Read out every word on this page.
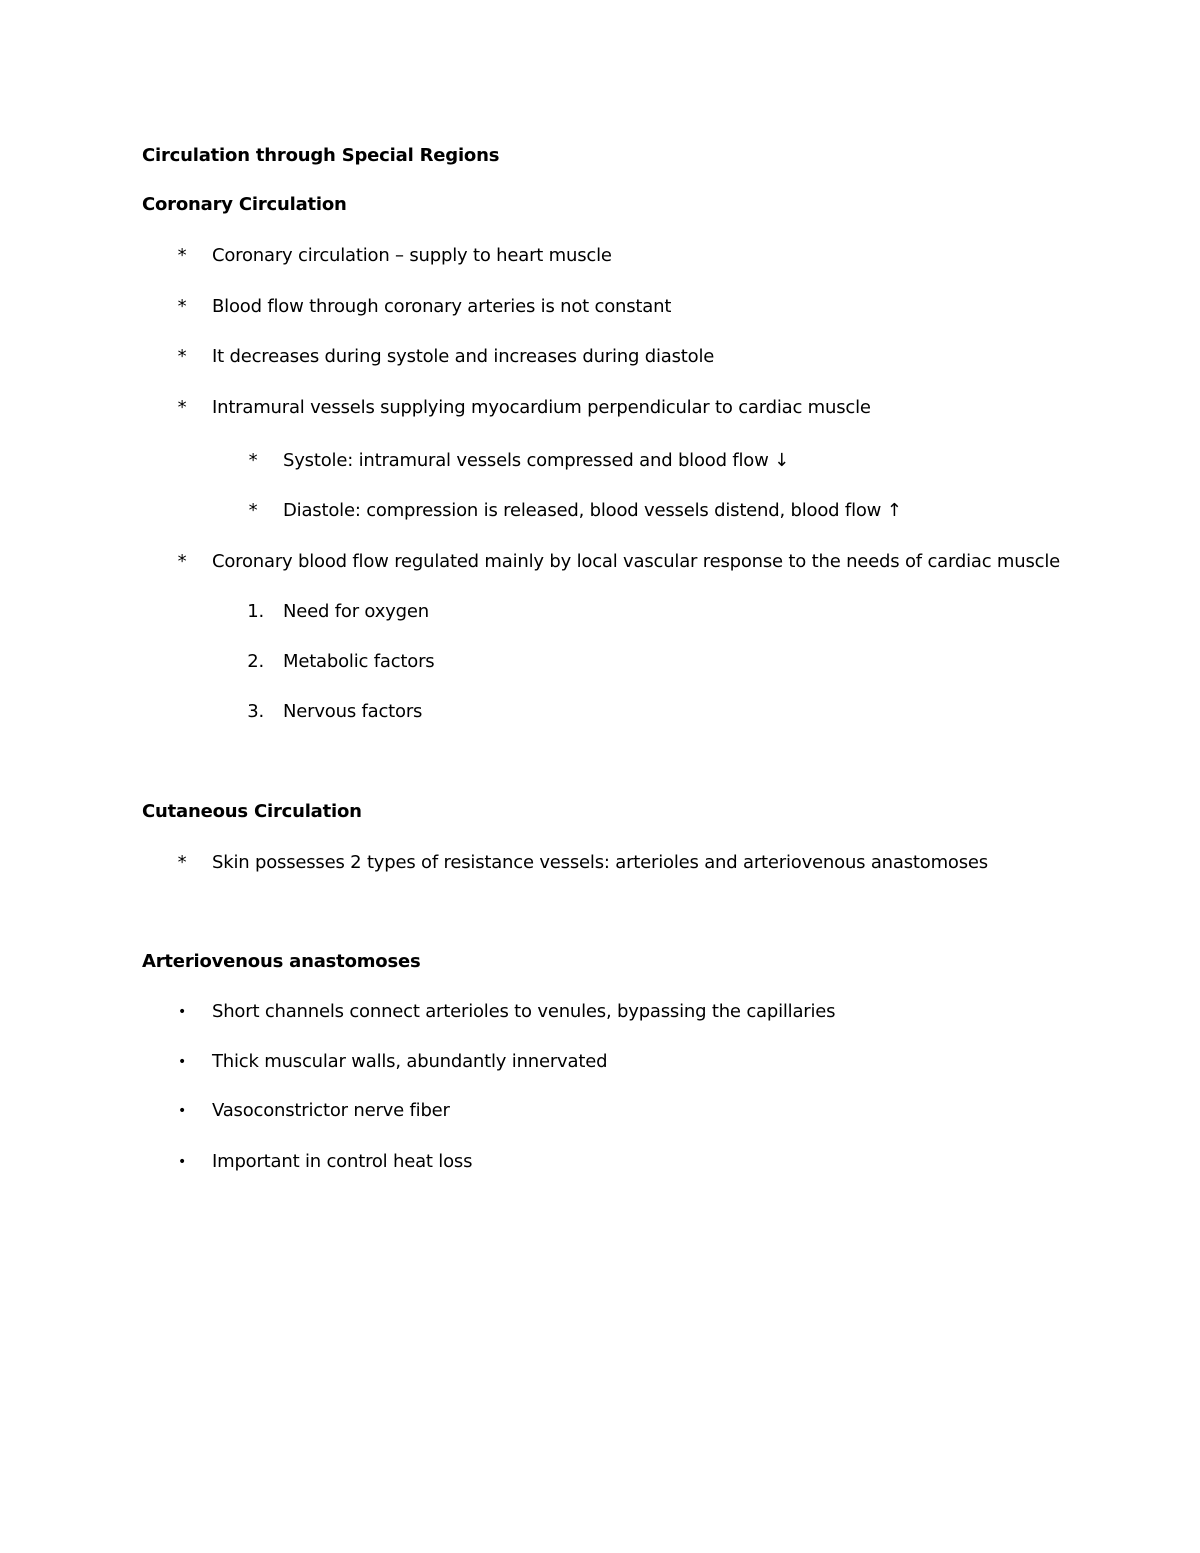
Circulation through Special Regions
Coronary Circulation
*	Coronary circulation – supply to heart muscle
*	Blood flow through coronary arteries is not constant
*	It decreases during systole and increases during diastole
*	Intramural vessels supplying myocardium perpendicular to cardiac muscle
*	Systole: intramural vessels compressed and blood flow ↓
*	Diastole: compression is released, blood vessels distend, blood flow ↑
*	Coronary blood flow regulated mainly by local vascular response to the needs of cardiac muscle
1. Need for oxygen
2. Metabolic factors
3. Nervous factors
Cutaneous Circulation
*	Skin possesses 2 types of resistance vessels: arterioles and arteriovenous anastomoses
Arteriovenous anastomoses
•	Short channels connect arterioles to venules, bypassing the capillaries
•	Thick muscular walls, abundantly innervated
•	Vasoconstrictor nerve fiber
•	Important in control heat loss
